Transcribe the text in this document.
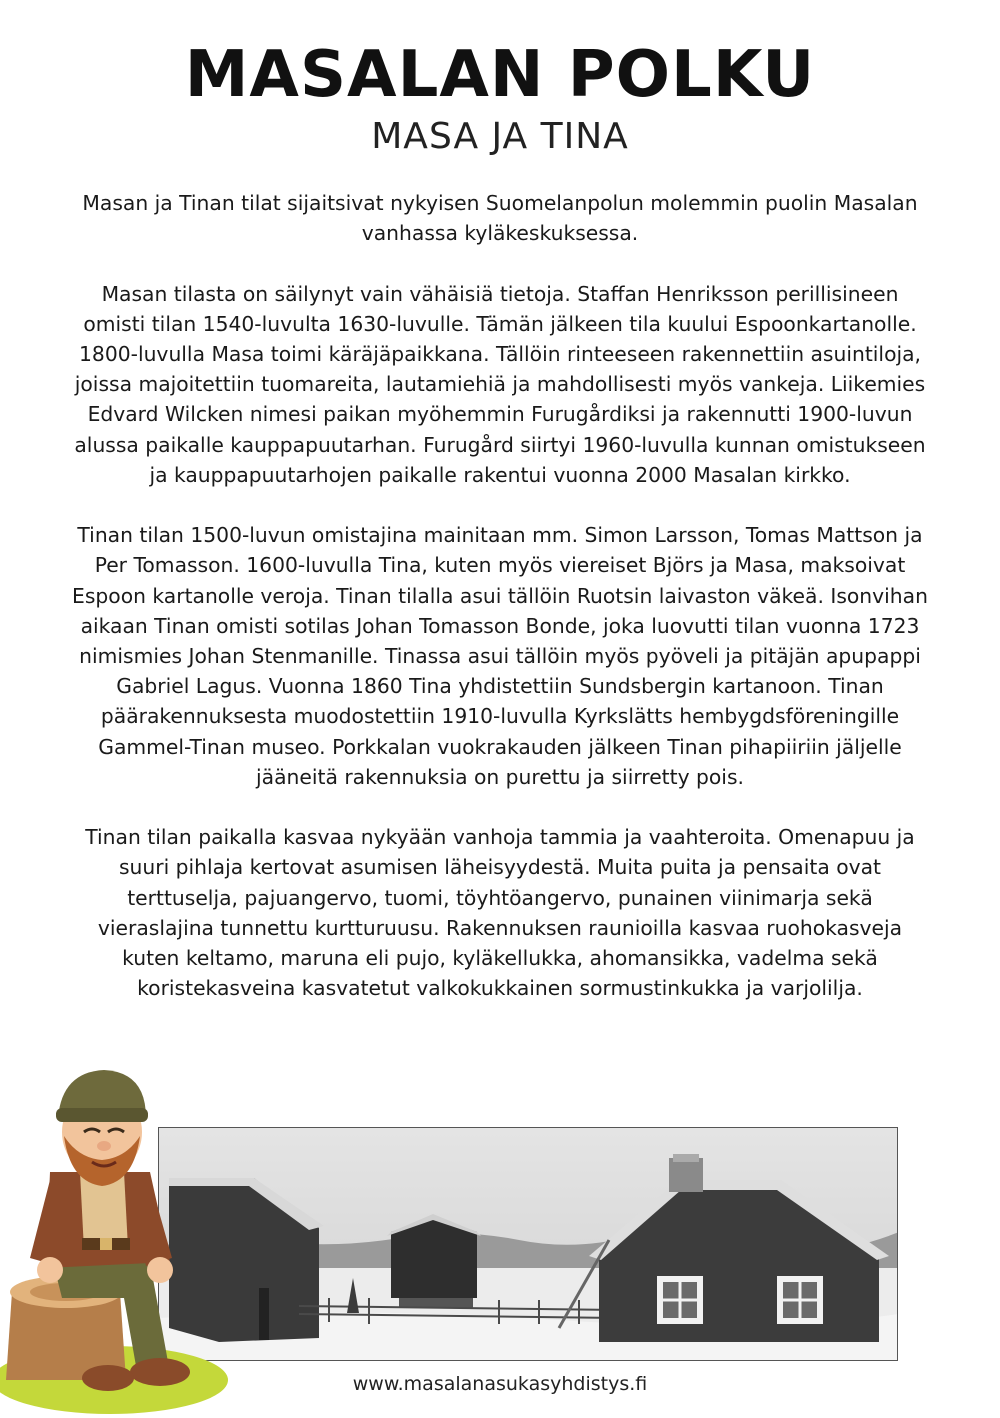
MASALAN POLKU
MASA JA TINA

Masan ja Tinan tilat sijaitsivat nykyisen Suomelanpolun molemmin puolin Masalan vanhassa kyläkeskuksessa.

Masan tilasta on säilynyt vain vähäisiä tietoja. Staffan Henriksson perillisineen omisti tilan 1540-luvulta 1630-luvulle. Tämän jälkeen tila kuului Espoonkartanolle. 1800-luvulla Masa toimi käräjäpaikkana. Tällöin rinteeseen rakennettiin asuintiloja, joissa majoitettiin tuomareita, lautamiehiä ja mahdollisesti myös vankeja. Liikemies Edvard Wilcken nimesi paikan myöhemmin Furugårdiksi ja rakennutti 1900-luvun alussa paikalle kauppapuutarhan. Furugård siirtyi 1960-luvulla kunnan omistukseen ja kauppapuutarhojen paikalle rakentui vuonna 2000 Masalan kirkko.

Tinan tilan 1500-luvun omistajina mainitaan mm. Simon Larsson, Tomas Mattson ja Per Tomasson. 1600-luvulla Tina, kuten myös viereiset Björs ja Masa, maksoivat Espoon kartanolle veroja. Tinan tilalla asui tällöin Ruotsin laivaston väkeä. Isonvihan aikaan Tinan omisti sotilas Johan Tomasson Bonde, joka luovutti tilan vuonna 1723 nimismies Johan Stenmanille. Tinassa asui tällöin myös pyöveli ja pitäjän apupappi Gabriel Lagus. Vuonna 1860 Tina yhdistettiin Sundsbergin kartanoon. Tinan päärakennuksesta muodostettiin 1910-luvulla Kyrkslätts hembygdsföreningille Gammel-Tinan museo. Porkkalan vuokrakauden jälkeen Tinan pihapiiriin jäljelle jääneitä rakennuksia on purettu ja siirretty pois.

Tinan tilan paikalla kasvaa nykyään vanhoja tammia ja vaahteroita. Omenapuu ja suuri pihlaja kertovat asumisen läheisyydestä. Muita puita ja pensaita ovat terttuselja, pajuangervo, tuomi, töyhtöangervo, punainen viinimarja sekä vieraslajina tunnettu kurtturuusu. Rakennuksen raunioilla kasvaa ruohokasveja kuten keltamo, maruna eli pujo, kyläkellukka, ahomansikka, vadelma sekä koristekasveina kasvatetut valkokukkainen sormustinkukka ja varjolilja.

www.masalanasukasyhdistys.fi
